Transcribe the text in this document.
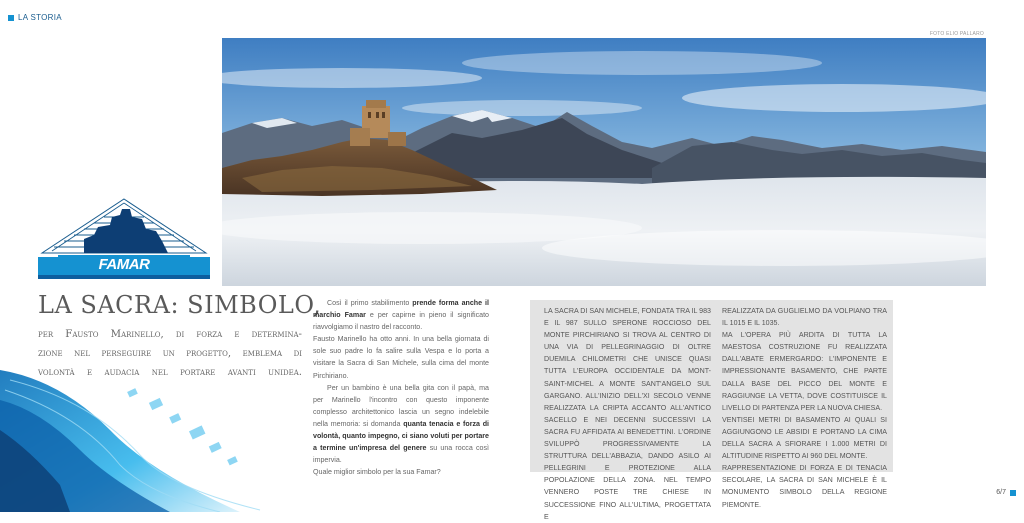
LA STORIA
FOTO ELIO PALLARO
FAMAR
LA SACRA: SIMBOLO,
per Fausto Marinello, di forza e determina-
zione nel perseguire un progetto, emblema di
volontà e audacia nel portare avanti unidea.

Così il primo stabilimento prende forma anche il marchio Famar e per capirne in pieno il significato riavvolgiamo il nastro del racconto.

Fausto Marinello ha otto anni. In una bella giornata di sole suo padre lo fa salire sulla Vespa e lo porta a visitare la Sacra di San Michele, sulla cima del monte Pirchiriano.

Per un bambino è una bella gita con il papà, ma per Marinello l'incontro con questo imponente complesso architettonico lascia un segno indelebile nella memoria: si domanda quanta tenacia e forza di volontà, quanto impegno, ci siano voluti per portare a termine un'impresa del genere su una rocca così impervia.

Quale miglior simbolo per la sua Famar?

LA SACRA DI SAN MICHELE, FONDATA TRA IL 983 E IL 987 SULLO SPERONE ROCCIOSO DEL MONTE PIRCHIRIANO SI TROVA AL CENTRO DI UNA VIA DI PELLEGRINAGGIO DI OLTRE DUEMILA CHILOMETRI CHE UNISCE QUASI TUTTA L'EUROPA OCCIDENTALE DA MONT-SAINT-MICHEL A MONTE SANT'ANGELO SUL GARGANO. ALL'INIZIO DELL'XI SECOLO VENNE REALIZZATA LA CRIPTA ACCANTO ALL'ANTICO SACELLO E NEI DECENNI SUCCESSIVI LA SACRA FU AFFIDATA AI BENEDETTINI. L'ORDINE SVILUPPÒ PROGRESSIVAMENTE LA STRUTTURA DELL'ABBAZIA, DANDO ASILO AI PELLEGRINI E PROTEZIONE ALLA POPOLAZIONE DELLA ZONA. NEL TEMPO VENNERO POSTE TRE CHIESE IN SUCCESSIONE FINO ALL'ULTIMA, PROGETTATA E
REALIZZATA DA GUGLIELMO DA VOLPIANO TRA IL 1015 E IL 1035.
MA L'OPERA PIÙ ARDITA DI TUTTA LA MAESTOSA COSTRUZIONE FU REALIZZATA DALL'ABATE ERMERGARDO: L'IMPONENTE E IMPRESSIONANTE BASAMENTO, CHE PARTE DALLA BASE DEL PICCO DEL MONTE E RAGGIUNGE LA VETTA, DOVE COSTITUISCE IL LIVELLO DI PARTENZA PER LA NUOVA CHIESA.
VENTISEI METRI DI BASAMENTO AI QUALI SI AGGIUNGONO LE ABSIDI E PORTANO LA CIMA DELLA SACRA A SFIORARE I 1.000 METRI DI ALTITUDINE RISPETTO AI 960 DEL MONTE.
RAPPRESENTAZIONE DI FORZA E DI TENACIA SECOLARE, LA SACRA DI SAN MICHELE È IL MONUMENTO SIMBOLO DELLA REGIONE PIEMONTE.
6/7
